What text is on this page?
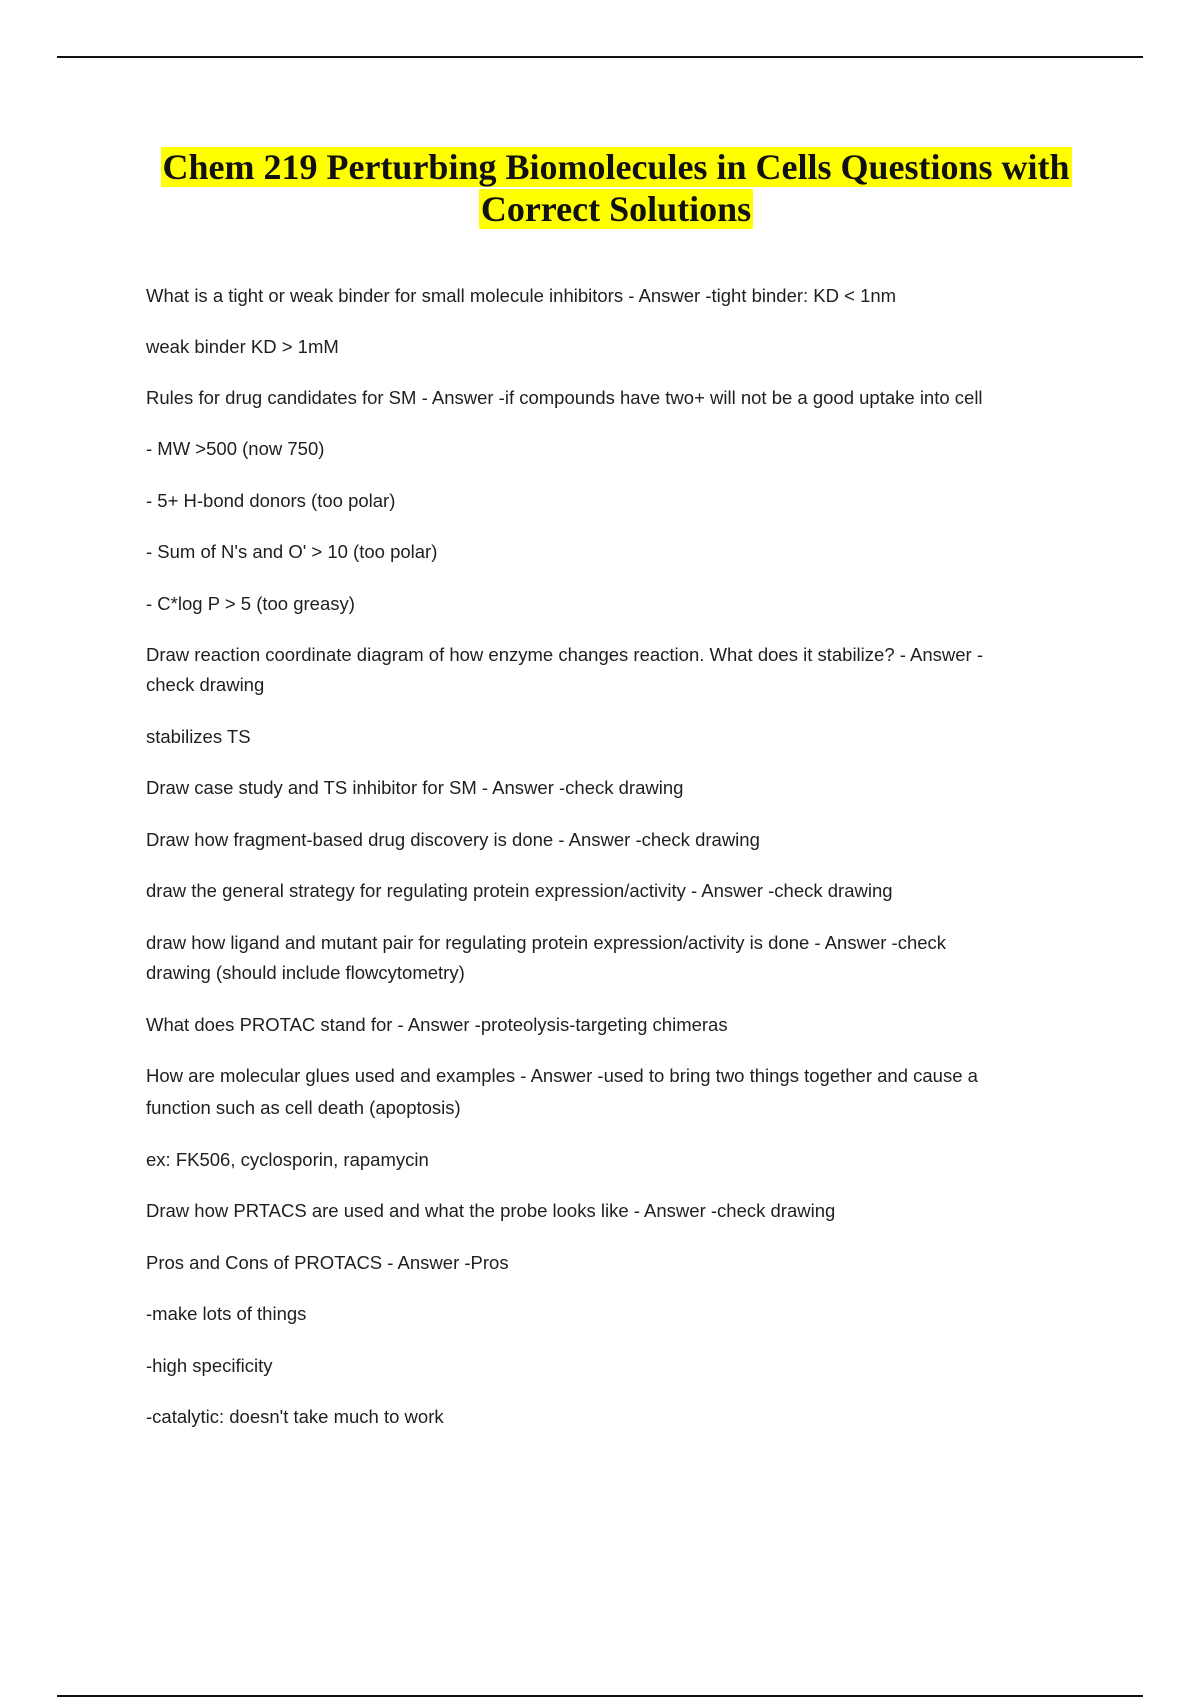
Chem 219 Perturbing Biomolecules in Cells Questions with
Correct Solutions

What is a tight or weak binder for small molecule inhibitors - Answer -tight binder: KD < 1nm

weak binder KD > 1mM

Rules for drug candidates for SM - Answer -if compounds have two+ will not be a good uptake into cell

- MW >500 (now 750)

- 5+ H-bond donors (too polar)

- Sum of N's and O' > 10 (too polar)

- C*log P > 5 (too greasy)

Draw reaction coordinate diagram of how enzyme changes reaction. What does it stabilize? - Answer -

check drawing

stabilizes TS

Draw case study and TS inhibitor for SM - Answer -check drawing

Draw how fragment-based drug discovery is done - Answer -check drawing

draw the general strategy for regulating protein expression/activity - Answer -check drawing

draw how ligand and mutant pair for regulating protein expression/activity is done - Answer -check

drawing (should include flowcytometry)

What does PROTAC stand for - Answer -proteolysis-targeting chimeras

How are molecular glues used and examples - Answer -used to bring two things together and cause a

function such as cell death (apoptosis)

ex: FK506, cyclosporin, rapamycin

Draw how PRTACS are used and what the probe looks like - Answer -check drawing

Pros and Cons of PROTACS - Answer -Pros

-make lots of things

-high specificity

-catalytic: doesn't take much to work
